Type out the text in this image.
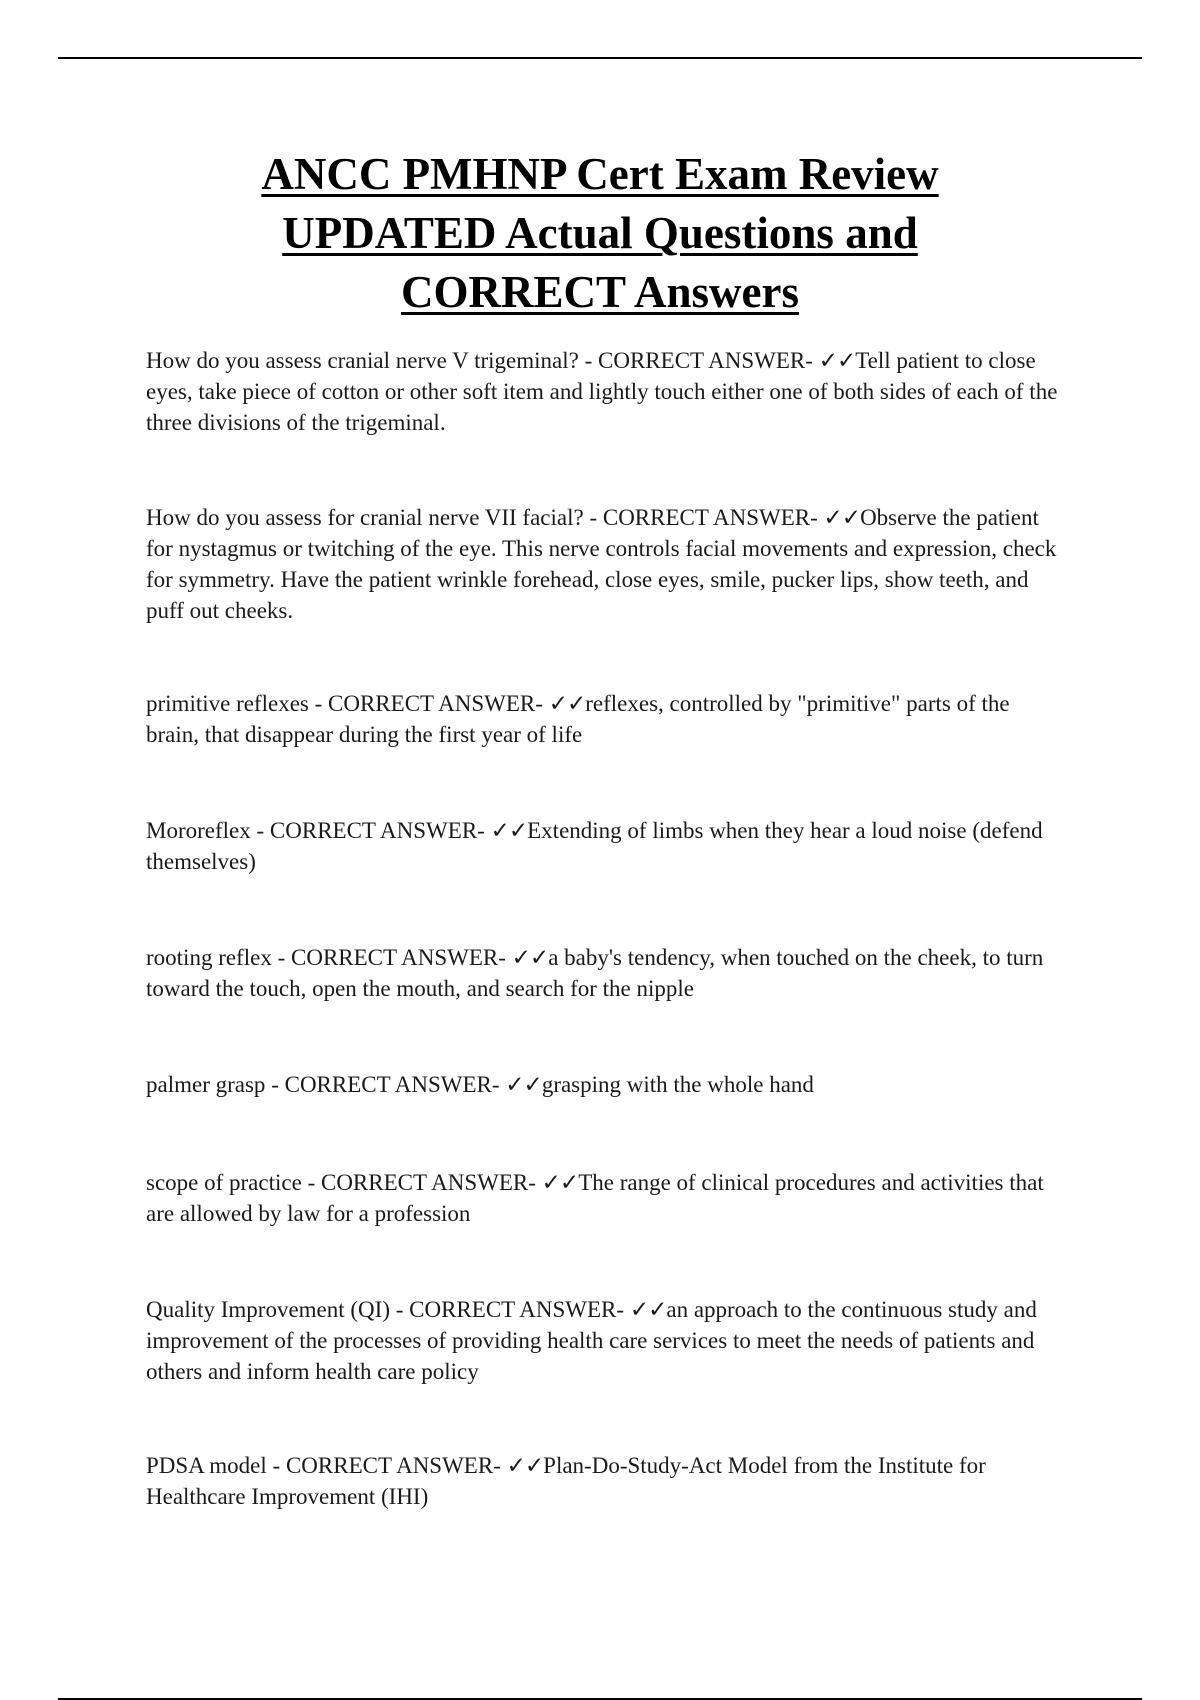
ANCC PMHNP Cert Exam Review
UPDATED Actual Questions and
CORRECT Answers
How do you assess cranial nerve V trigeminal? - CORRECT ANSWER- ✓✓Tell patient to close eyes, take piece of cotton or other soft item and lightly touch either one of both sides of each of the three divisions of the trigeminal.
How do you assess for cranial nerve VII facial? - CORRECT ANSWER- ✓✓Observe the patient for nystagmus or twitching of the eye. This nerve controls facial movements and expression, check for symmetry. Have the patient wrinkle forehead, close eyes, smile, pucker lips, show teeth, and puff out cheeks.
primitive reflexes - CORRECT ANSWER- ✓✓reflexes, controlled by "primitive" parts of the brain, that disappear during the first year of life
Mororeflex - CORRECT ANSWER- ✓✓Extending of limbs when they hear a loud noise (defend themselves)
rooting reflex - CORRECT ANSWER- ✓✓a baby's tendency, when touched on the cheek, to turn toward the touch, open the mouth, and search for the nipple
palmer grasp - CORRECT ANSWER- ✓✓grasping with the whole hand
scope of practice - CORRECT ANSWER- ✓✓The range of clinical procedures and activities that are allowed by law for a profession
Quality Improvement (QI) - CORRECT ANSWER- ✓✓an approach to the continuous study and improvement of the processes of providing health care services to meet the needs of patients and others and inform health care policy
PDSA model - CORRECT ANSWER- ✓✓Plan-Do-Study-Act Model from the Institute for Healthcare Improvement (IHI)
